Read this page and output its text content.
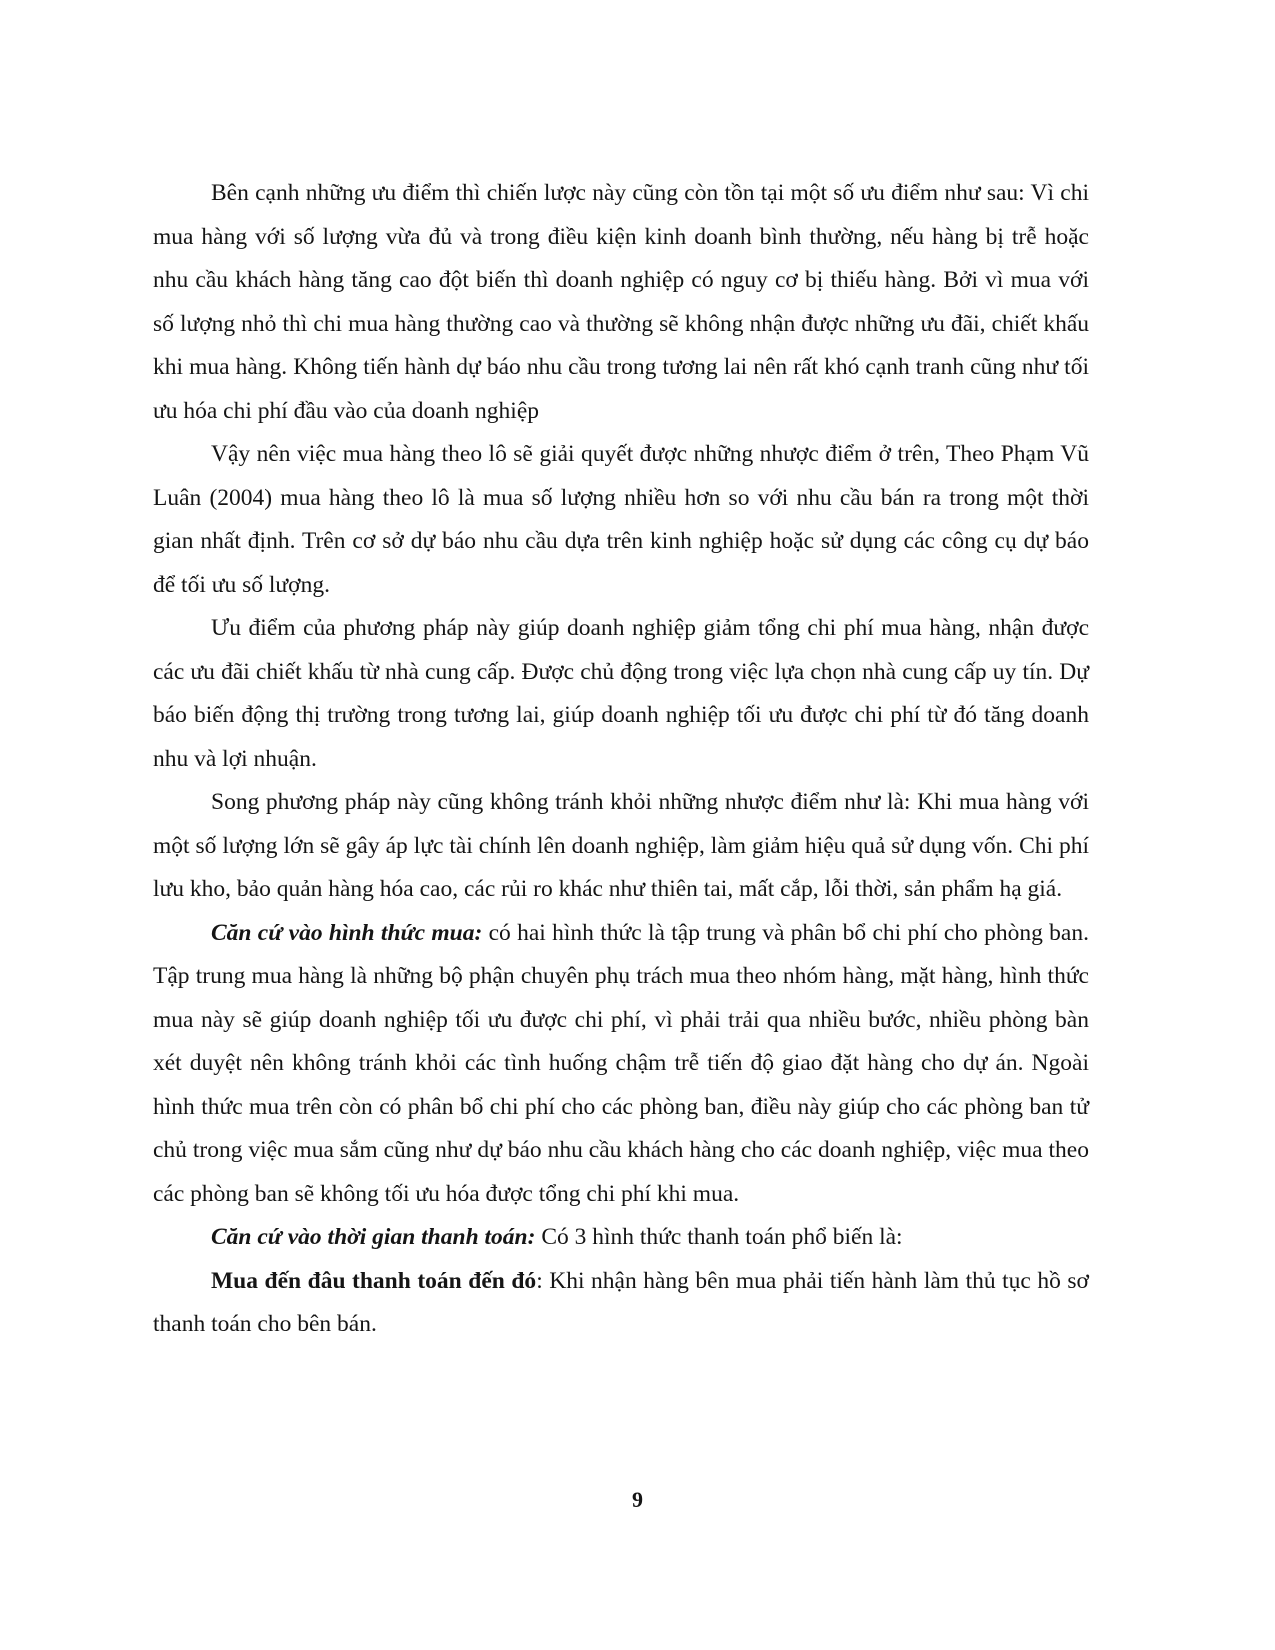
Bên cạnh những ưu điểm thì chiến lược này cũng còn tồn tại một số ưu điểm như sau: Vì chi mua hàng với số lượng vừa đủ và trong điều kiện kinh doanh bình thường, nếu hàng bị trễ hoặc nhu cầu khách hàng tăng cao đột biến thì doanh nghiệp có nguy cơ bị thiếu hàng. Bởi vì mua với số lượng nhỏ thì chi mua hàng thường cao và thường sẽ không nhận được những ưu đãi, chiết khấu khi mua hàng. Không tiến hành dự báo nhu cầu trong tương lai nên rất khó cạnh tranh cũng như tối ưu hóa chi phí đầu vào của doanh nghiệp

Vậy nên việc mua hàng theo lô sẽ giải quyết được những nhược điểm ở trên, Theo Phạm Vũ Luân (2004) mua hàng theo lô là mua số lượng nhiều hơn so với nhu cầu bán ra trong một thời gian nhất định. Trên cơ sở dự báo nhu cầu dựa trên kinh nghiệp hoặc sử dụng các công cụ dự báo để tối ưu số lượng.

Ưu điểm của phương pháp này giúp doanh nghiệp giảm tổng chi phí mua hàng, nhận được các ưu đãi chiết khấu từ nhà cung cấp. Được chủ động trong việc lựa chọn nhà cung cấp uy tín. Dự báo biến động thị trường trong tương lai, giúp doanh nghiệp tối ưu được chi phí từ đó tăng doanh nhu và lợi nhuận.

Song phương pháp này cũng không tránh khỏi những nhược điểm như là: Khi mua hàng với một số lượng lớn sẽ gây áp lực tài chính lên doanh nghiệp, làm giảm hiệu quả sử dụng vốn. Chi phí lưu kho, bảo quản hàng hóa cao, các rủi ro khác như thiên tai, mất cắp, lỗi thời, sản phẩm hạ giá.

Căn cứ vào hình thức mua: có hai hình thức là tập trung và phân bổ chi phí cho phòng ban. Tập trung mua hàng là những bộ phận chuyên phụ trách mua theo nhóm hàng, mặt hàng, hình thức mua này sẽ giúp doanh nghiệp tối ưu được chi phí, vì phải trải qua nhiều bước, nhiều phòng bàn xét duyệt nên không tránh khỏi các tình huống chậm trễ tiến độ giao đặt hàng cho dự án. Ngoài hình thức mua trên còn có phân bổ chi phí cho các phòng ban, điều này giúp cho các phòng ban tử chủ trong việc mua sắm cũng như dự báo nhu cầu khách hàng cho các doanh nghiệp, việc mua theo các phòng ban sẽ không tối ưu hóa được tổng chi phí khi mua.

Căn cứ vào thời gian thanh toán: Có 3 hình thức thanh toán phổ biến là:

Mua đến đâu thanh toán đến đó: Khi nhận hàng bên mua phải tiến hành làm thủ tục hồ sơ thanh toán cho bên bán.

9
